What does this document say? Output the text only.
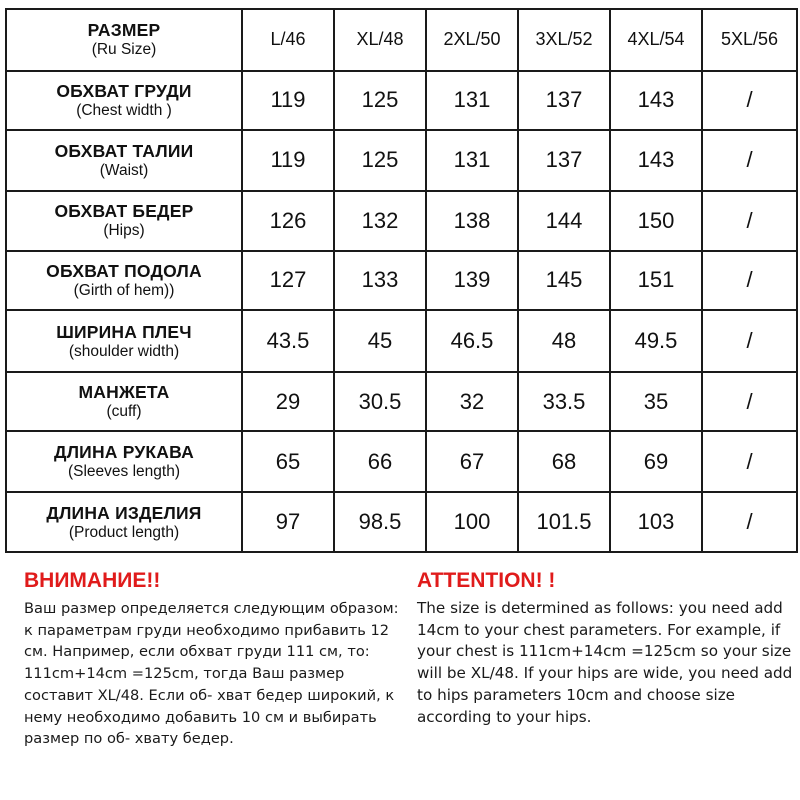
РАЗМЕР
(Ru Size)	L/46	XL/48	2XL/50	3XL/52	4XL/54	5XL/56

ОБХВАТ ГРУДИ
(Chest width )	119	125	131	137	143	/

ОБХВАТ ТАЛИИ
(Waist)	119	125	131	137	143	/

ОБХВАТ БЕДЕР
(Hips)	126	132	138	144	150	/

ОБХВАТ ПОДОЛА
(Girth of hem))	127	133	139	145	151	/

ШИРИНА ПЛЕЧ
(shoulder width)	43.5	45	46.5	48	49.5	/

МАНЖЕТА
(cuff)	29	30.5	32	33.5	35	/

ДЛИНА РУКАВА
(Sleeves length)	65	66	67	68	69	/

ДЛИНА ИЗДЕЛИЯ
(Product length)	97	98.5	100	101.5	103	/
ВНИМАНИЕ!!

Ваш размер определяется следующим образом: к параметрам груди необходимо прибавить 12 см. Например, если обхват груди 111 см, то: 111cm+14cm =125cm, тогда Ваш размер составит XL/48. Если об- хват бедер широкий, к нему необходимо добавить 10 см и выбирать размер по об- хвату бедер.

ATTENTION! !

The size is determined as follows: you need add 14cm to your chest parameters. For example, if your chest is 111cm+14cm =125cm so your size will be XL/48. If your hips are wide, you need add to hips parameters 10cm and choose size according to your hips.
